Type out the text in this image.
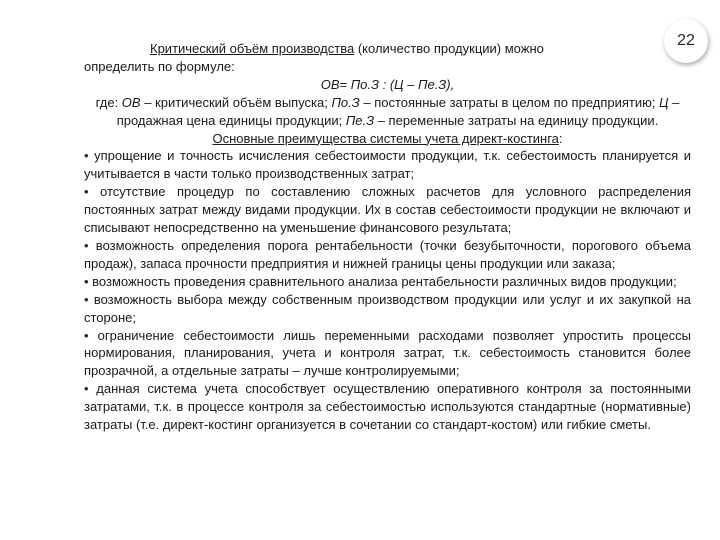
22

Критический объём производства (количество продукции) можно

определить по формуле:

ОВ= По.З : (Ц – Пе.З),

где: ОВ – критический объём выпуска; По.З – постоянные затраты в целом по предприятию; Ц – продажная цена единицы продукции; Пе.З – переменные затраты на единицу продукции.

Основные преимущества системы учета директ-костинга:

• упрощение и точность исчисления себестоимости продукции, т.к. себестоимость планируется и учитывается в части только производственных затрат;

• отсутствие процедур по составлению сложных расчетов для условного распределения постоянных затрат между видами продукции. Их в состав себестоимости продукции не включают и списывают непосредственно на уменьшение финансового результата;

• возможность определения порога рентабельности (точки безубыточности, порогового объема продаж), запаса прочности предприятия и нижней границы цены продукции или заказа;

• возможность проведения сравнительного анализа рентабельности различных видов продукции;

• возможность выбора между собственным производством продукции или услуг и их закупкой на стороне;

• ограничение себестоимости лишь переменными расходами позволяет упростить процессы нормирования, планирования, учета и контроля затрат, т.к. себестоимость становится более прозрачной, а отдельные затраты – лучше контролируемыми;

• данная система учета способствует осуществлению оперативного контроля за постоянными затратами, т.к. в процессе контроля за себестоимостью используются стандартные (нормативные) затраты (т.е. директ-костинг организуется в сочетании со стандарт-костом) или гибкие сметы.
